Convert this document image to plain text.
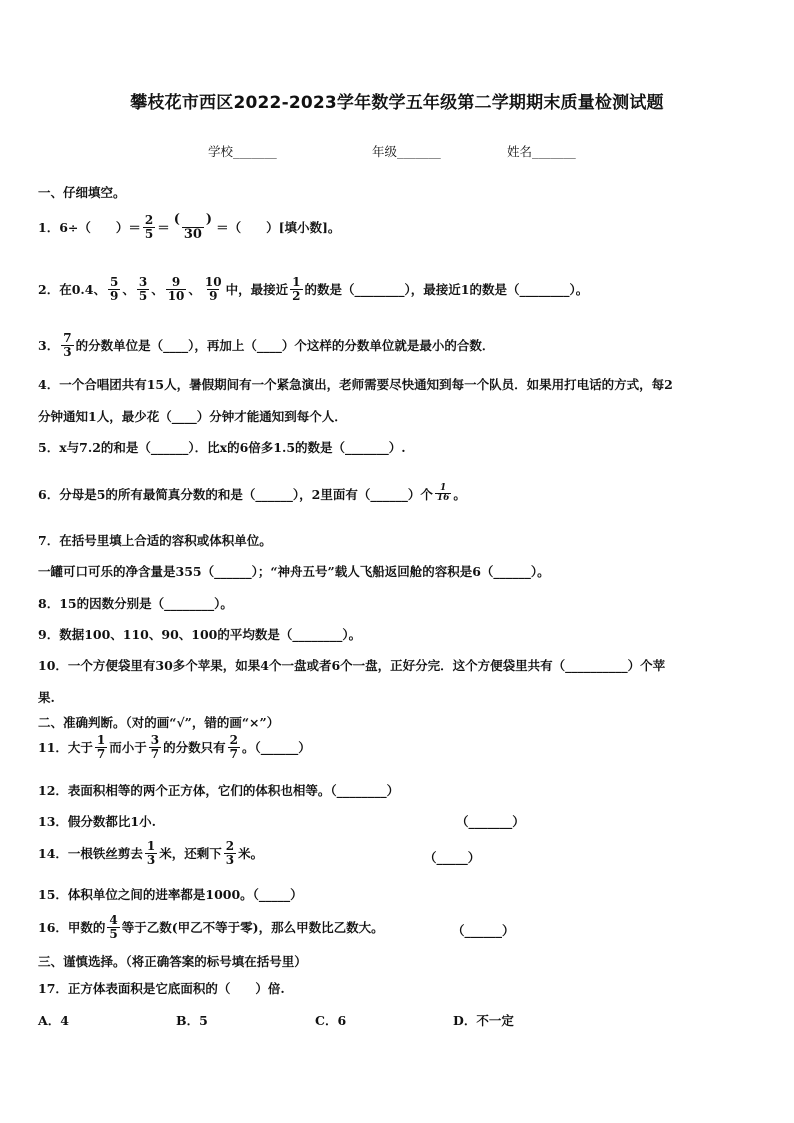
攀枝花市西区2022-2023学年数学五年级第二学期期末质量检测试题
学校_______	年级_______	姓名_______
一、仔细填空。
1．6÷（　　）＝ $\frac{2}{5} = \frac{( )}{30}$ ＝（　　）[填小数]。
2．在0.4、 $\frac{5}{9}$ 、 $\frac{3}{5}$ 、 $\frac{9}{10}$ 、 $\frac{10}{9}$ 中，最接近 $\frac{1}{2}$ 的数是（________），最接近1的数是（________）。
3． $\frac{7}{3}$ 的分数单位是（____），再加上（____）个这样的分数单位就是最小的合数．
4．一个合唱团共有15人，暑假期间有一个紧急演出，老师需要尽快通知到每一个队员．如果用打电话的方式，每2
分钟通知1人，最少花（____）分钟才能通知到每个人．
5．x与7.2的和是（______）．比x的6倍多1.5的数是（_______）.
6．分母是5的所有最简真分数的和是（______），2里面有（______）个 $\frac{1}{16}$ 。
7．在括号里填上合适的容积或体积单位。
一罐可口可乐的净含量是355（______）；“神舟五号”载人飞船返回舱的容积是6（______）。
8．15的因数分别是（________）。
9．数据100、110、90、100的平均数是（________）。
10．一个方便袋里有30多个苹果，如果4个一盘或者6个一盘，正好分完．这个方便袋里共有（__________）个苹
果.
二、准确判断。（对的画“√”，错的画“×”）
11．大于 $\frac{1}{7}$ 而小于 $\frac{3}{7}$ 的分数只有 $\frac{2}{7}$ 。（______）
12．表面积相等的两个正方体，它们的体积也相等。（________）
13．假分数都比1小.	（_______）
14．一根铁丝剪去 $\frac{1}{3}$ 米，还剩下 $\frac{2}{3}$ 米。	（_____）
15．体积单位之间的进率都是1000。（_____）
16．甲数的 $\frac{4}{5}$ 等于乙数(甲乙不等于零)，那么甲数比乙数大。	（______）
三、谨慎选择。（将正确答案的标号填在括号里）
17．正方体表面积是它底面积的（　　）倍.
A．4	B．5	C．6	D．不一定
